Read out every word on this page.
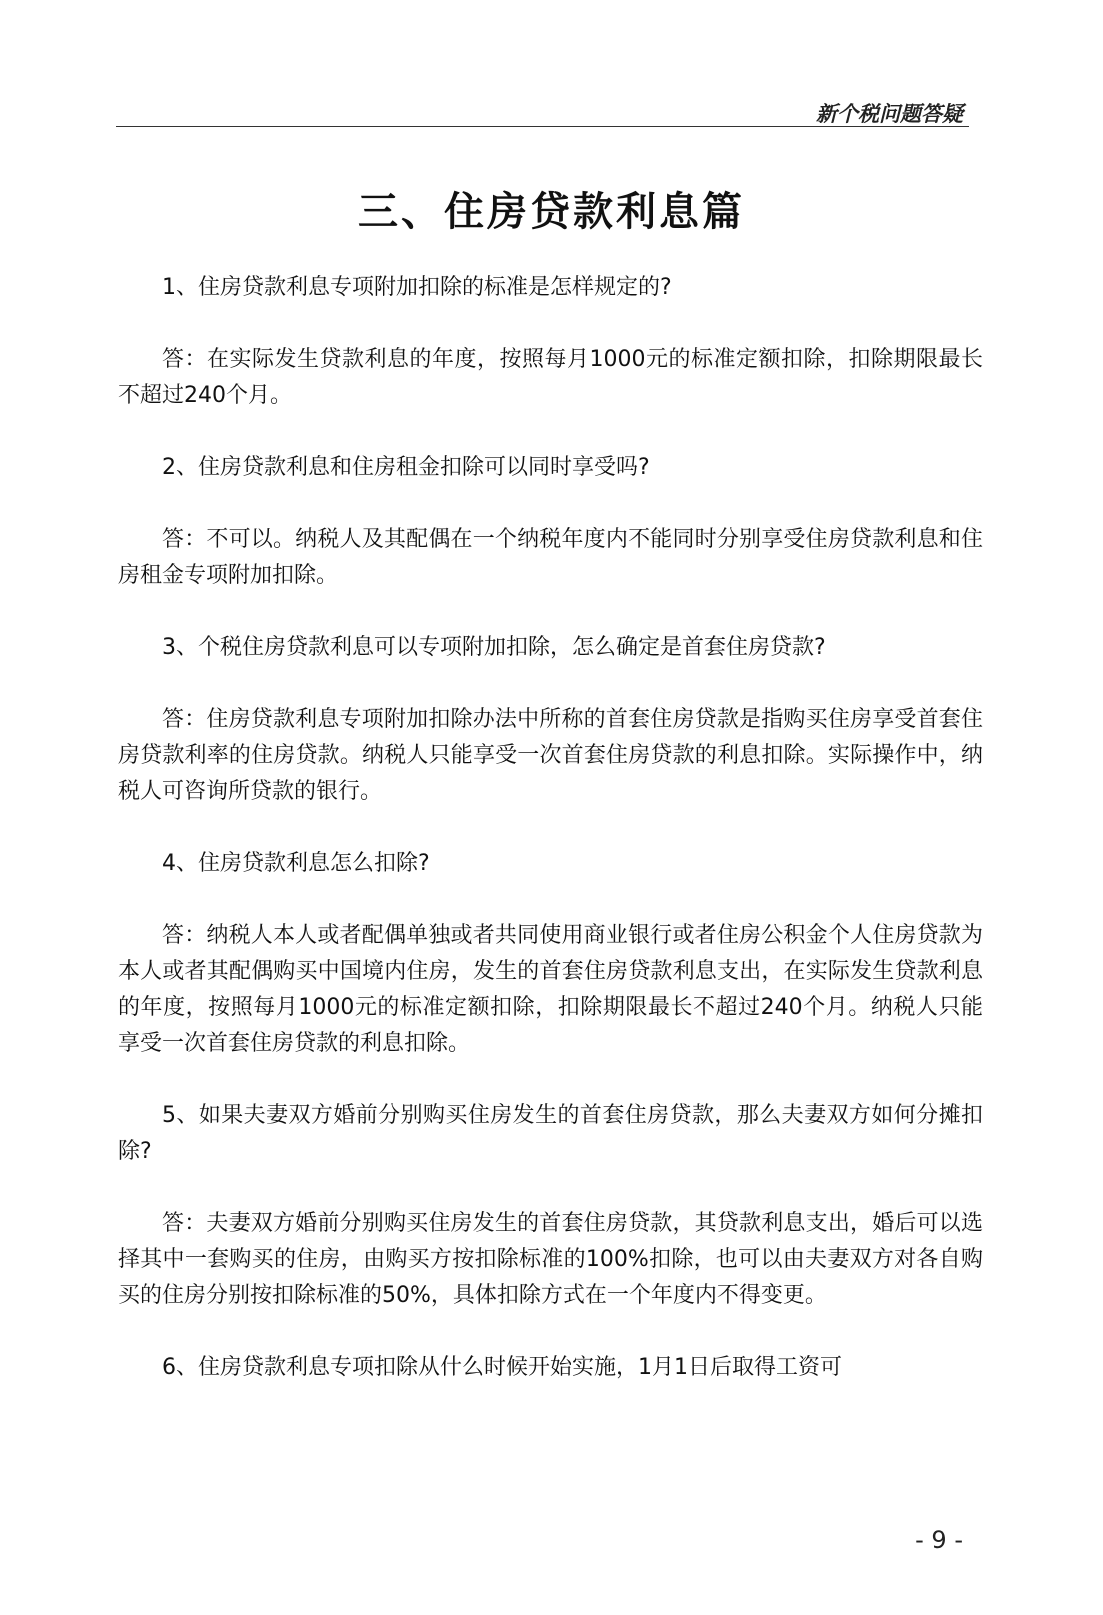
新个税问题答疑
三、住房贷款利息篇

1、住房贷款利息专项附加扣除的标准是怎样规定的?

答：在实际发生贷款利息的年度，按照每月1000元的标准定额扣除，扣除期限最长不超过240个月。

2、住房贷款利息和住房租金扣除可以同时享受吗?

答：不可以。纳税人及其配偶在一个纳税年度内不能同时分别享受住房贷款利息和住房租金专项附加扣除。

3、个税住房贷款利息可以专项附加扣除，怎么确定是首套住房贷款?

答：住房贷款利息专项附加扣除办法中所称的首套住房贷款是指购买住房享受首套住房贷款利率的住房贷款。纳税人只能享受一次首套住房贷款的利息扣除。实际操作中，纳税人可咨询所贷款的银行。

4、住房贷款利息怎么扣除?

答：纳税人本人或者配偶单独或者共同使用商业银行或者住房公积金个人住房贷款为本人或者其配偶购买中国境内住房，发生的首套住房贷款利息支出，在实际发生贷款利息的年度，按照每月1000元的标准定额扣除，扣除期限最长不超过240个月。纳税人只能享受一次首套住房贷款的利息扣除。

5、如果夫妻双方婚前分别购买住房发生的首套住房贷款，那么夫妻双方如何分摊扣除?

答：夫妻双方婚前分别购买住房发生的首套住房贷款，其贷款利息支出，婚后可以选择其中一套购买的住房，由购买方按扣除标准的100%扣除，也可以由夫妻双方对各自购买的住房分别按扣除标准的50%，具体扣除方式在一个年度内不得变更。

6、住房贷款利息专项扣除从什么时候开始实施，1月1日后取得工资可

- 9 -
